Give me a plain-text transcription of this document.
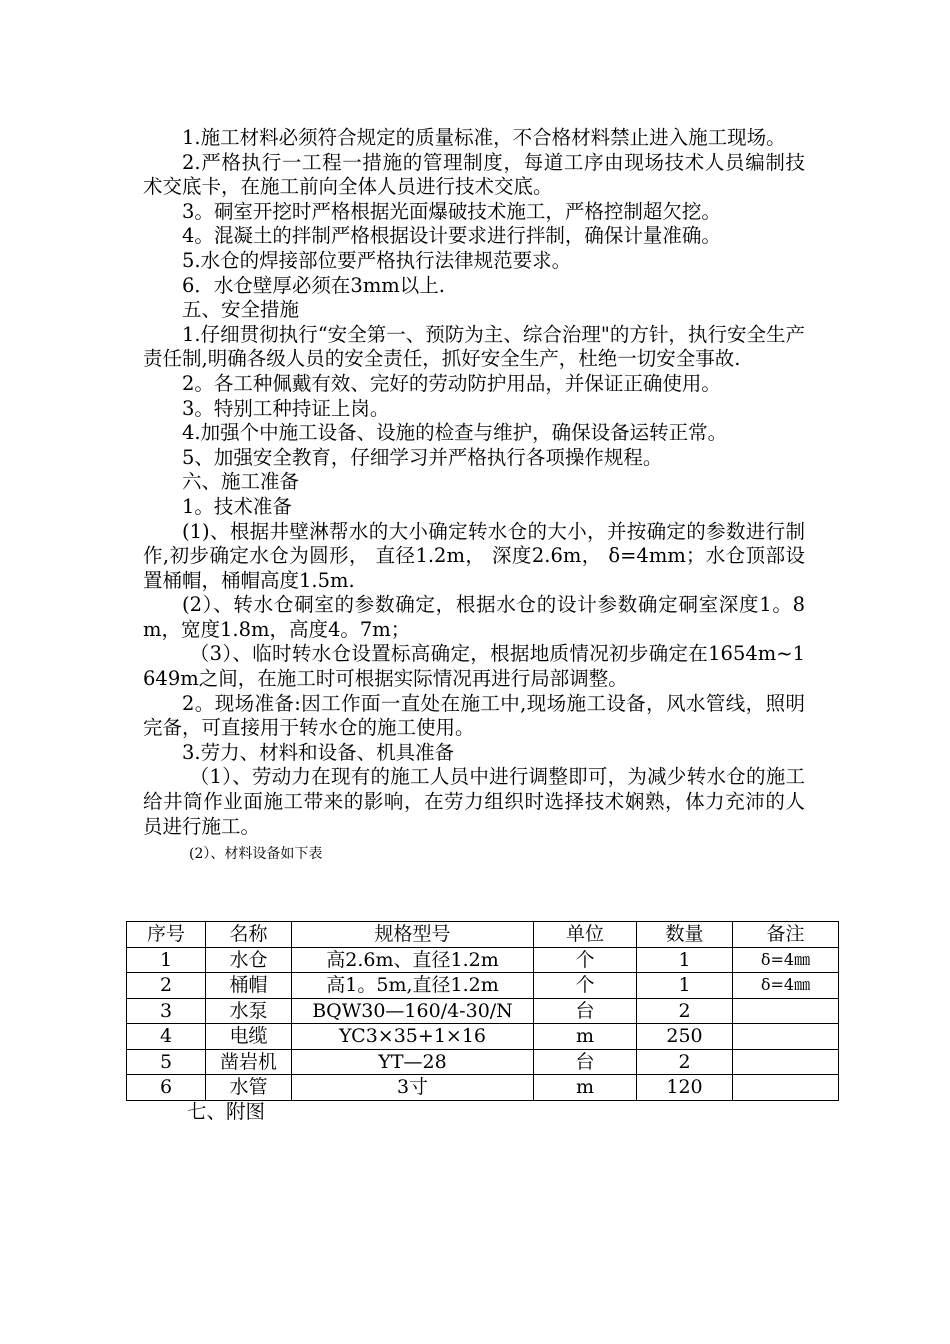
1.施工材料必须符合规定的质量标准，不合格材料禁止进入施工现场。

2.严格执行一工程一措施的管理制度，每道工序由现场技术人员编制技术交底卡，在施工前向全体人员进行技术交底。

3。硐室开挖时严格根据光面爆破技术施工，严格控制超欠挖。

4。混凝土的拌制严格根据设计要求进行拌制，确保计量准确。

5.水仓的焊接部位要严格执行法律规范要求。

6．水仓壁厚必须在3mm以上.

五、安全措施

1.仔细贯彻执行“安全第一、预防为主、综合治理"的方针，执行安全生产责任制,明确各级人员的安全责任，抓好安全生产，杜绝一切安全事故.

2。各工种佩戴有效、完好的劳动防护用品，并保证正确使用。

3。特别工种持证上岗。

4.加强个中施工设备、设施的检查与维护，确保设备运转正常。

5、加强安全教育，仔细学习并严格执行各项操作规程。

六、施工准备

1。技术准备

(1)、根据井壁淋帮水的大小确定转水仓的大小，并按确定的参数进行制作,初步确定水仓为圆形， 直径1.2m， 深度2.6m， δ=4mm；水仓顶部设置桶帽，桶帽高度1.5m.

(2）、转水仓硐室的参数确定，根据水仓的设计参数确定硐室深度1。8m，宽度1.8m，高度4。7m；

（3）、临时转水仓设置标高确定，根据地质情况初步确定在1654m~1649m之间，在施工时可根据实际情况再进行局部调整。

2。现场准备:因工作面一直处在施工中,现场施工设备，风水管线，照明完备，可直接用于转水仓的施工使用。

3.劳力、材料和设备、机具准备

（1）、劳动力在现有的施工人员中进行调整即可，为减少转水仓的施工给井筒作业面施工带来的影响，在劳力组织时选择技术娴熟，体力充沛的人员进行施工。

(2）、材料设备如下表

序号	名称	规格型号	单位	数量	备注
1	水仓	高2.6m、直径1.2m	个	1	δ=4㎜
2	桶帽	高1。5m,直径1.2m	个	1	δ=4㎜
3	水泵	BQW30—160/4-30/N	台	2	
4	电缆	YC3×35+1×16	m	250	
5	凿岩机	YT—28	台	2	
6	水管	3寸	m	120	
七、附图
